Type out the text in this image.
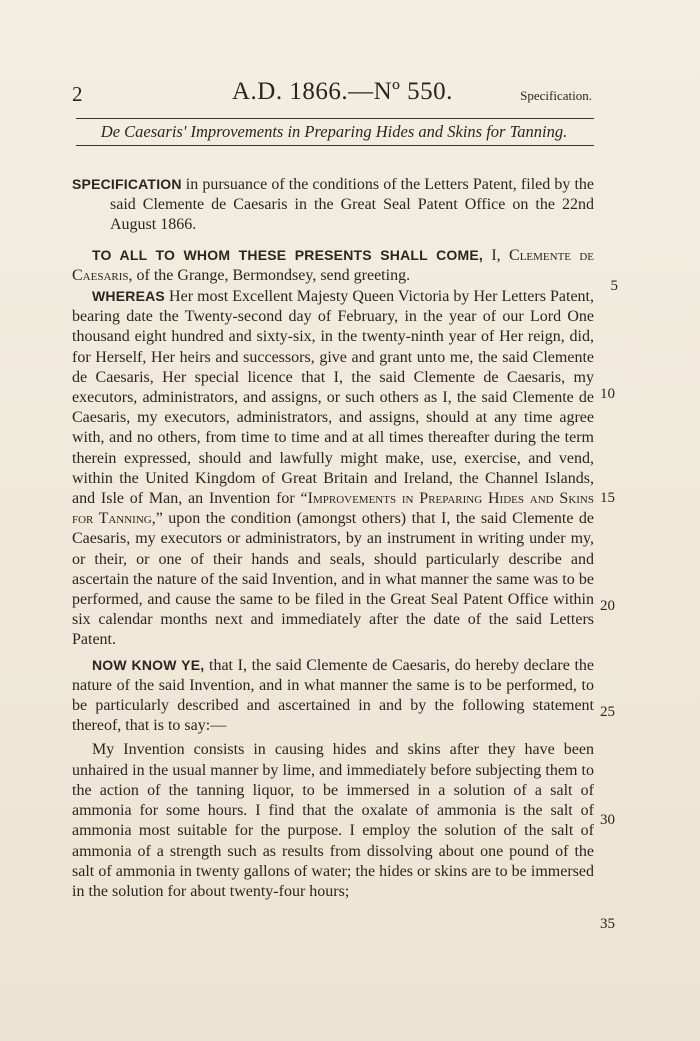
2	A.D. 1866.—Nº 550.	Specification.
De Caesaris' Improvements in Preparing Hides and Skins for Tanning.

SPECIFICATION in pursuance of the conditions of the Letters Patent, filed by the said Clemente de Caesaris in the Great Seal Patent Office on the 22nd August 1866.

TO ALL TO WHOM THESE PRESENTS SHALL COME, I, Clemente de Caesaris, of the Grange, Bermondsey, send greeting.

WHEREAS Her most Excellent Majesty Queen Victoria by Her Letters Patent, bearing date the Twenty-second day of February, in the year of our Lord One thousand eight hundred and sixty-six, in the twenty-ninth year of Her reign, did, for Herself, Her heirs and successors, give and grant unto me, the said Clemente de Caesaris, Her special licence that I, the said Clemente de Caesaris, my executors, administrators, and assigns, or such others as I, the said Clemente de Caesaris, my executors, administrators, and assigns, should at any time agree with, and no others, from time to time and at all times thereafter during the term therein expressed, should and lawfully might make, use, exercise, and vend, within the United Kingdom of Great Britain and Ireland, the Channel Islands, and Isle of Man, an Invention for “Improvements in Preparing Hides and Skins for Tanning,” upon the condition (amongst others) that I, the said Clemente de Caesaris, my executors or administrators, by an instrument in writing under my, or their, or one of their hands and seals, should particularly describe and ascertain the nature of the said Invention, and in what manner the same was to be performed, and cause the same to be filed in the Great Seal Patent Office within six calendar months next and immediately after the date of the said Letters Patent.

NOW KNOW YE, that I, the said Clemente de Caesaris, do hereby declare the nature of the said Invention, and in what manner the same is to be performed, to be particularly described and ascertained in and by the following statement thereof, that is to say:—

My Invention consists in causing hides and skins after they have been unhaired in the usual manner by lime, and immediately before subjecting them to the action of the tanning liquor, to be immersed in a solution of a salt of ammonia for some hours. I find that the oxalate of ammonia is the salt of ammonia most suitable for the purpose. I employ the solution of the salt of ammonia of a strength such as results from dissolving about one pound of the salt of ammonia in twenty gallons of water; the hides or skins are to be immersed in the solution for about twenty-four hours;

5
10
15
20
25
30
35
